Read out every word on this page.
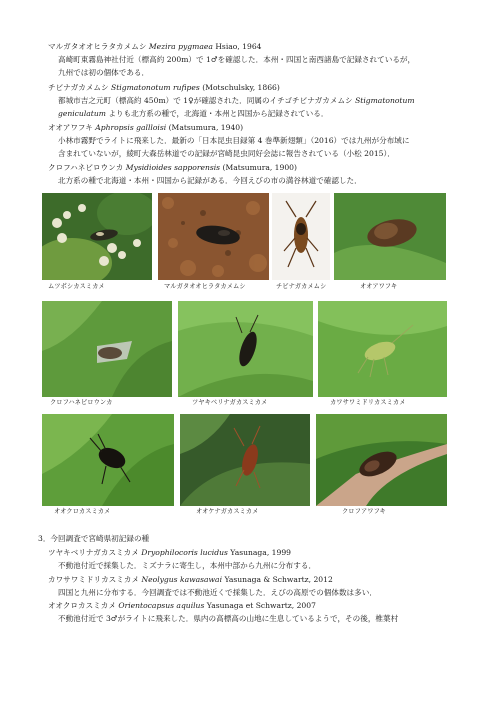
マルガタオオヒラタカメムシ Mezira pygmaea Hsiao, 1964
高崎町東霧島神社付近（標高約 200m）で 1♂を確認した．本州・四国と南西諸島で記録されているが，
九州では初の個体である．
チビナガカメムシ Stigmatonotum rufipes (Motschulsky, 1866)
都城市吉之元町（標高約 450m）で 1♀が確認された．同属のイチゴチビナガカメムシ Stigmatonotum
geniculatum よりも北方系の種で，北海道・本州と四国から記録されている．
オオアワフキ Aphropsis gallloisi (Matsumura, 1940)
小林市霧野でライトに飛来した．最新の「日本昆虫目録第 4 巻準新翅類」（2016）では九州が分布域に
含まれていないが，綾町大森岳林道での記録が宮崎昆虫同好会誌に報告されている（小松 2015）．
クロフハネビロウンカ Mysidioides sapporensis (Matsumura, 1900)
北方系の種で北海道・本州・四国から記録がある．今回えびの市の満谷林道で確認した．
ムツボシカスミカメ	マルガタオオヒラタカメムシ	チビナガカメムシ	オオアワフキ
クロフハネビロウンカ	ツヤキベリナガカスミカメ	カワサワミドリカスミカメ
オオクロカスミカメ	オオケナガカスミカメ	クロフアワフキ
3．今回調査で宮崎県初記録の種
ツヤキベリナガカスミカメ Dryophilocoris lucidus Yasunaga, 1999
不動池付近で採集した．ミズナラに寄生し，本州中部から九州に分布する．
カワサワミドリカスミカメ Neolygus kawasawai Yasunaga & Schwartz, 2012
四国と九州に分布する．今回調査では不動池近くで採集した．えびの高原での個体数は多い．
オオクロカスミカメ Orientocapsus aquilus Yasunaga et Schwartz, 2007
不動池付近で 3♂がライトに飛来した．県内の高標高の山地に生息しているようで，その後，椎葉村
